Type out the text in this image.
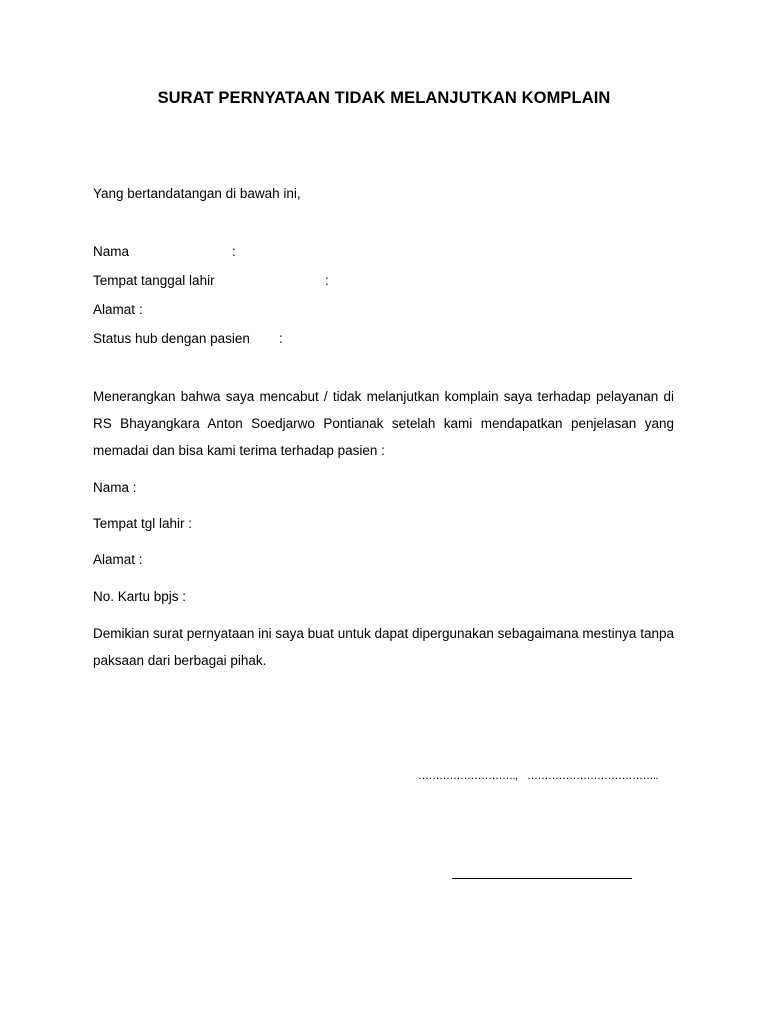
SURAT PERNYATAAN TIDAK MELANJUTKAN KOMPLAIN
Yang bertandatangan di bawah ini,
Nama	:
Tempat tanggal lahir	:
Alamat :
Status hub dengan pasien :
Menerangkan bahwa saya mencabut / tidak melanjutkan komplain saya terhadap pelayanan di RS Bhayangkara Anton Soedjarwo Pontianak setelah kami mendapatkan penjelasan yang memadai dan bisa kami terima terhadap pasien :
Nama :
Tempat tgl lahir :
Alamat :
No. Kartu bpjs :
Demikian surat pernyataan ini saya buat untuk dapat dipergunakan sebagaimana mestinya tanpa paksaan dari berbagai pihak.
………………………., ………………………………..
